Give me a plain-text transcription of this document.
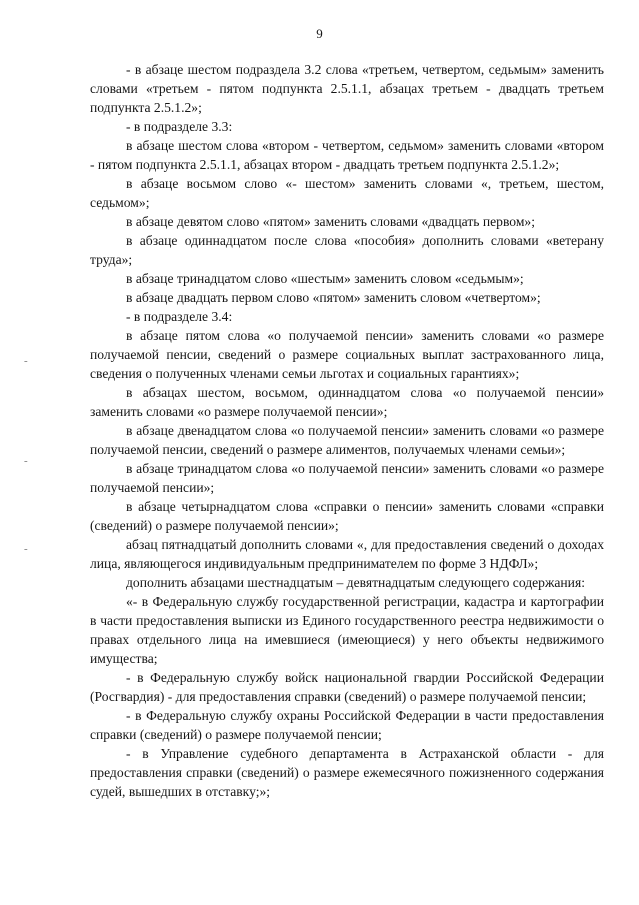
9
-
-
-

- в абзаце шестом подраздела 3.2 слова «третьем, четвертом, седьмым» заменить словами «третьем - пятом подпункта 2.5.1.1, абзацах третьем - двадцать третьем подпункта 2.5.1.2»;

- в подразделе 3.3:

в абзаце шестом слова «втором - четвертом, седьмом» заменить словами «втором - пятом подпункта 2.5.1.1, абзацах втором - двадцать третьем подпункта 2.5.1.2»;

в абзаце восьмом слово «- шестом» заменить словами «, третьем, шестом, седьмом»;

в абзаце девятом слово «пятом» заменить словами «двадцать первом»;

в абзаце одиннадцатом после слова «пособия» дополнить словами «ветерану труда»;

в абзаце тринадцатом слово «шестым» заменить словом «седьмым»;

в абзаце двадцать первом слово «пятом» заменить словом «четвертом»;

- в подразделе 3.4:

в абзаце пятом слова «о получаемой пенсии» заменить словами «о размере получаемой пенсии, сведений о размере социальных выплат застрахованного лица, сведения о полученных членами семьи льготах и социальных гарантиях»;

в абзацах шестом, восьмом, одиннадцатом слова «о получаемой пенсии» заменить словами «о размере получаемой пенсии»;

в абзаце двенадцатом слова «о получаемой пенсии» заменить словами «о размере получаемой пенсии, сведений о размере алиментов, получаемых членами семьи»;

в абзаце тринадцатом слова «о получаемой пенсии» заменить словами «о размере получаемой пенсии»;

в абзаце четырнадцатом слова «справки о пенсии» заменить словами «справки (сведений) о размере получаемой пенсии»;

абзац пятнадцатый дополнить словами «, для предоставления сведений о доходах лица, являющегося индивидуальным предпринимателем по форме 3 НДФЛ»;

дополнить абзацами шестнадцатым – девятнадцатым следующего содержания:

«- в Федеральную службу государственной регистрации, кадастра и картографии в части предоставления выписки из Единого государственного реестра недвижимости о правах отдельного лица на имевшиеся (имеющиеся) у него объекты недвижимого имущества;

- в Федеральную службу войск национальной гвардии Российской Федерации (Росгвардия) - для предоставления справки (сведений) о размере получаемой пенсии;

- в Федеральную службу охраны Российской Федерации в части предоставления справки (сведений) о размере получаемой пенсии;

- в Управление судебного департамента в Астраханской области - для предоставления справки (сведений) о размере ежемесячного пожизненного содержания судей, вышедших в отставку;»;
